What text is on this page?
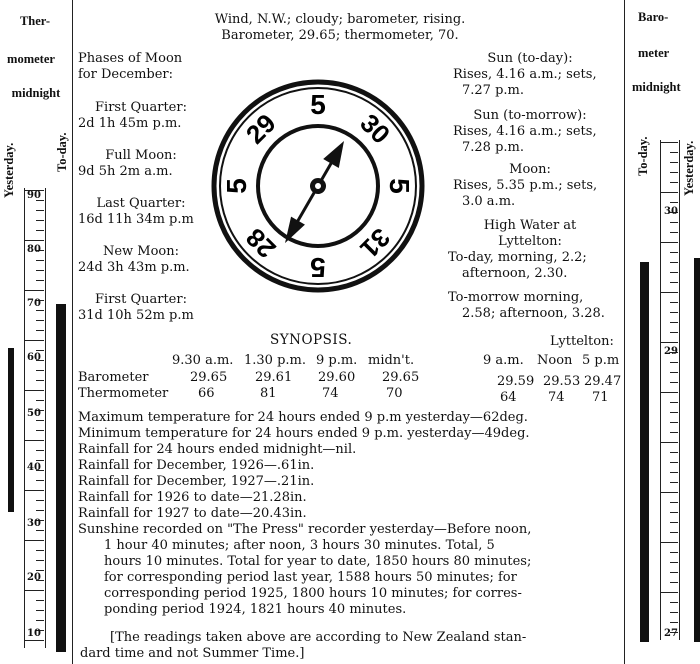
Ther-
mometer
midnight
Yesterday.	To-day.
90
80
70
60
50
40
30
20
10
Baro-
meter
midnight
To-day.	Yesterday.
30
29
27
Wind, N.W.; cloudy; barometer, rising.
Barometer, 29.65; thermometer, 70.
Phases of Moon
for December:
First Quarter:
2d 1h 45m p.m.
Full Moon:
9d 5h 2m a.m.
Last Quarter:
16d 11h 34m p.m
New Moon:
24d 3h 43m p.m.
First Quarter:
31d 10h 52m p.m
5
30
5
31
5
28
5
29
Sun (to-day):
Rises, 4.16 a.m.; sets,
7.27 p.m.
Sun (to-morrow):
Rises, 4.16 a.m.; sets,
7.28 p.m.
Moon:
Rises, 5.35 p.m.; sets,
3.0 a.m.
High Water at
Lyttelton:
To-day, morning, 2.2;
afternoon, 2.30.
To-morrow morning,
2.58; afternoon, 3.28.
SYNOPSIS.	Lyttelton:
9.30 a.m. 1.30 p.m. 9 p.m. midn't.	9 a.m. Noon 5 p.m
Barometer	29.65 29.61 29.60 29.65	29.59 29.53 29.47
Thermometer 66	81	74	70	64 74 71
Maximum temperature for 24 hours ended 9 p.m yesterday—62deg.
Minimum temperature for 24 hours ended 9 p.m. yesterday—49deg.
Rainfall for 24 hours ended midnight—nil.
Rainfall for December, 1926—.61in.
Rainfall for December, 1927—.21in.
Rainfall for 1926 to date—21.28in.
Rainfall for 1927 to date—20.43in.
Sunshine recorded on "The Press" recorder yesterday—Before noon,
1 hour 40 minutes; after noon, 3 hours 30 minutes. Total, 5
hours 10 minutes. Total for year to date, 1850 hours 80 minutes;
for corresponding period last year, 1588 hours 50 minutes; for
corresponding period 1925, 1800 hours 10 minutes; for corres-
ponding period 1924, 1821 hours 40 minutes.
[The readings taken above are according to New Zealand stan-
dard time and not Summer Time.]
